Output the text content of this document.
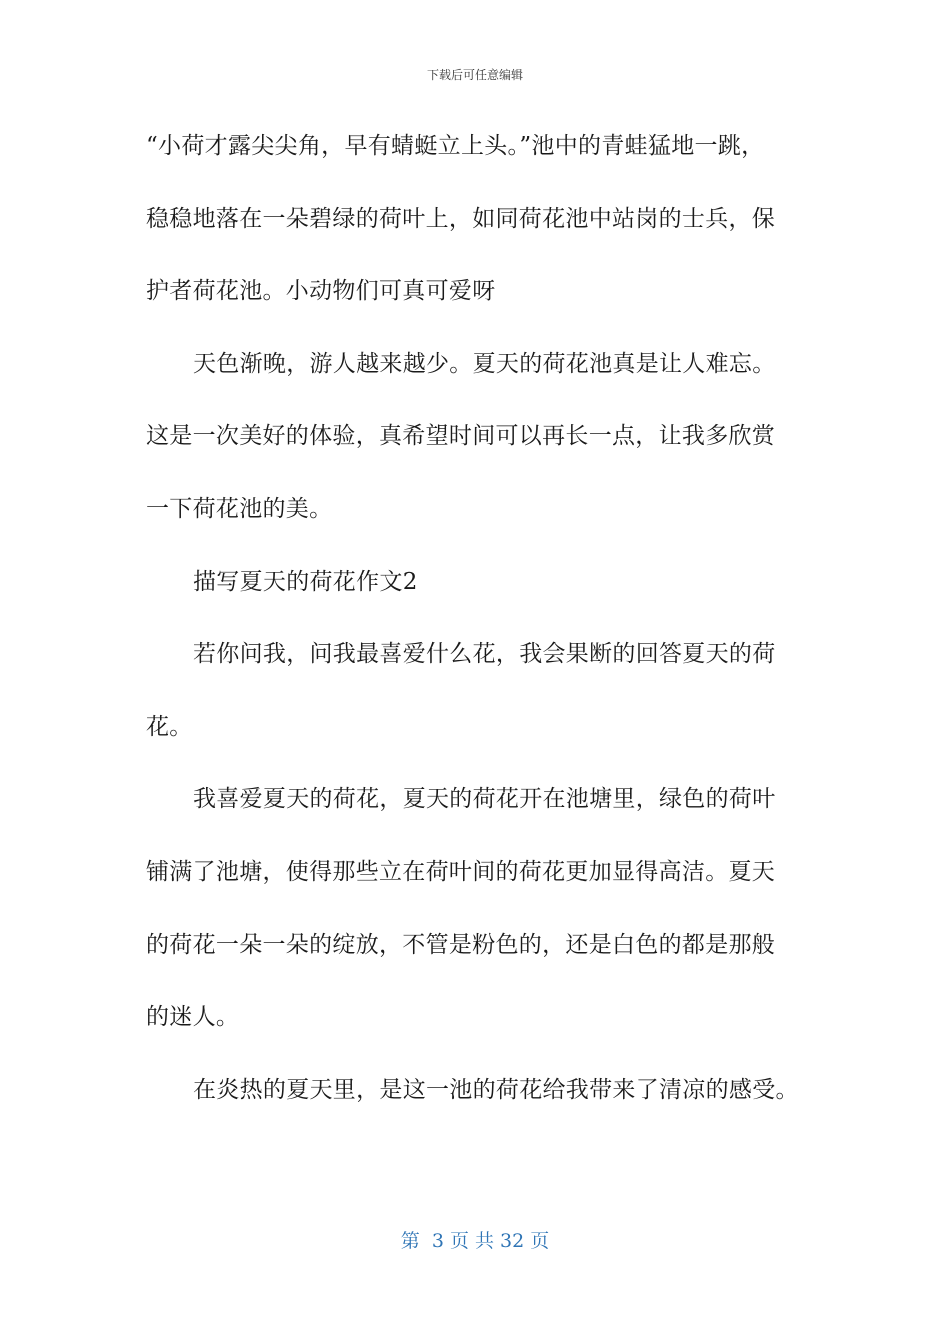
下载后可任意编辑
“小荷才露尖尖角，早有蜻蜓立上头。”池中的青蛙猛地一跳，
稳稳地落在一朵碧绿的荷叶上，如同荷花池中站岗的士兵，保
护者荷花池。小动物们可真可爱呀
天色渐晚，游人越来越少。夏天的荷花池真是让人难忘。
这是一次美好的体验，真希望时间可以再长一点，让我多欣赏
一下荷花池的美。
描写夏天的荷花作文2
若你问我，问我最喜爱什么花，我会果断的回答夏天的荷
花。
我喜爱夏天的荷花，夏天的荷花开在池塘里，绿色的荷叶
铺满了池塘，使得那些立在荷叶间的荷花更加显得高洁。夏天
的荷花一朵一朵的绽放，不管是粉色的，还是白色的都是那般
的迷人。
在炎热的夏天里，是这一池的荷花给我带来了清凉的感受。
第  3 页 共 32 页
